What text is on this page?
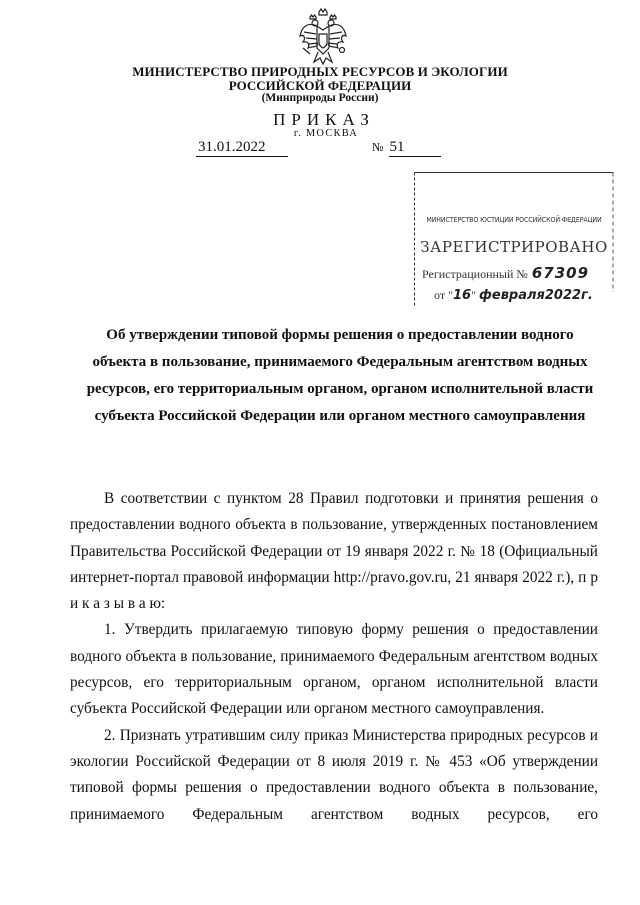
МИНИСТЕРСТВО ПРИРОДНЫХ РЕСУРСОВ И ЭКОЛОГИИ
РОССИЙСКОЙ ФЕДЕРАЦИИ
(Минприроды России)
ПРИКАЗ
г. МОСКВА
31.01.2022	№ 51
МИНИСТЕРСТВО ЮСТИЦИИ РОССИЙСКОЙ ФЕДЕРАЦИИ
ЗАРЕГИСТРИРОВАНО
Регистрационный № 67309
от "16" февраля2022г.
Об утверждении типовой формы решения о предоставлении водного
объекта в пользование, принимаемого Федеральным агентством водных
ресурсов, его территориальным органом, органом исполнительной власти
субъекта Российской Федерации или органом местного самоуправления

В соответствии с пунктом 28 Правил подготовки и принятия решения о предоставлении водного объекта в пользование, утвержденных постановлением Правительства Российской Федерации от 19 января 2022 г. № 18 (Официальный интернет-портал правовой информации http://pravo.gov.ru, 21 января 2022 г.), п р и к а з ы в а ю:

1. Утвердить прилагаемую типовую форму решения о предоставлении водного объекта в пользование, принимаемого Федеральным агентством водных ресурсов, его территориальным органом, органом исполнительной власти субъекта Российской Федерации или органом местного самоуправления.

2. Признать утратившим силу приказ Министерства природных ресурсов и экологии Российской Федерации от 8 июля 2019 г. № 453 «Об утверждении типовой формы решения о предоставлении водного объекта в пользование, принимаемого Федеральным агентством водных ресурсов, его
